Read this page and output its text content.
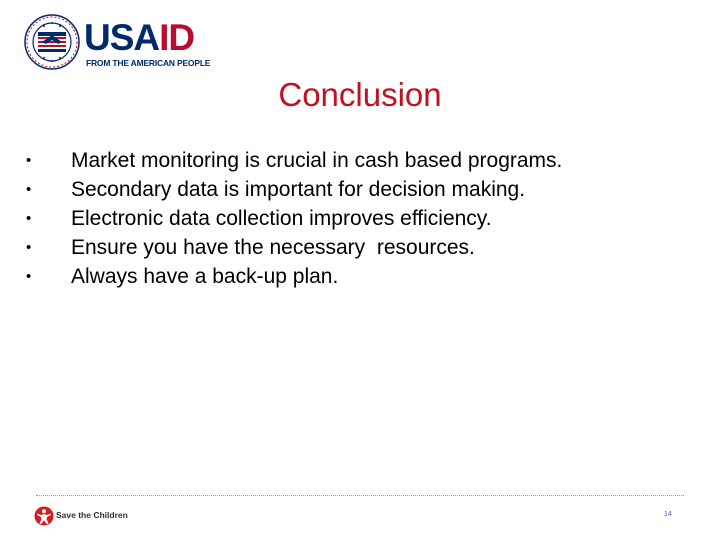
USAID
FROM THE AMERICAN PEOPLE
Conclusion

•

	Market monitoring is crucial in cash based programs.

•

	Secondary data is important for decision making.

•

	Electronic data collection improves efficiency.

•

	Ensure you have the necessary  resources.

•

	Always have a back-up plan.

Save the Children	14
